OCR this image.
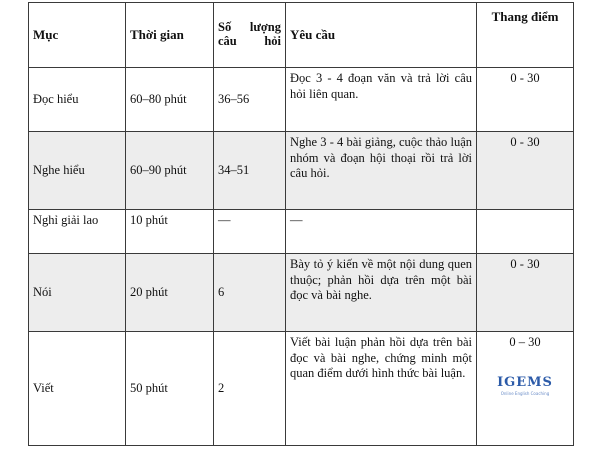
Mục	Thời gian	Số lượng câu hỏi	Yêu cầu	Thang điểm
Đọc hiểu	60–80 phút	36–56	Đọc 3 - 4 đoạn văn và trả lời câu hỏi liên quan.	0 - 30
Nghe hiểu	60–90 phút	34–51	Nghe 3 - 4 bài giảng, cuộc thảo luận nhóm và đoạn hội thoại rồi trả lời câu hỏi.	0 - 30
Nghỉ giải lao	10 phút	—	—	
Nói	20 phút	6	Bày tỏ ý kiến về một nội dung quen thuộc; phản hồi dựa trên một bài đọc và bài nghe.	0 - 30
Viết	50 phút	2	Viết bài luận phản hồi dựa trên bài đọc và bài nghe, chứng minh một quan điểm dưới hình thức bài luận.	0 – 30
IGEMS
Online English Coaching
